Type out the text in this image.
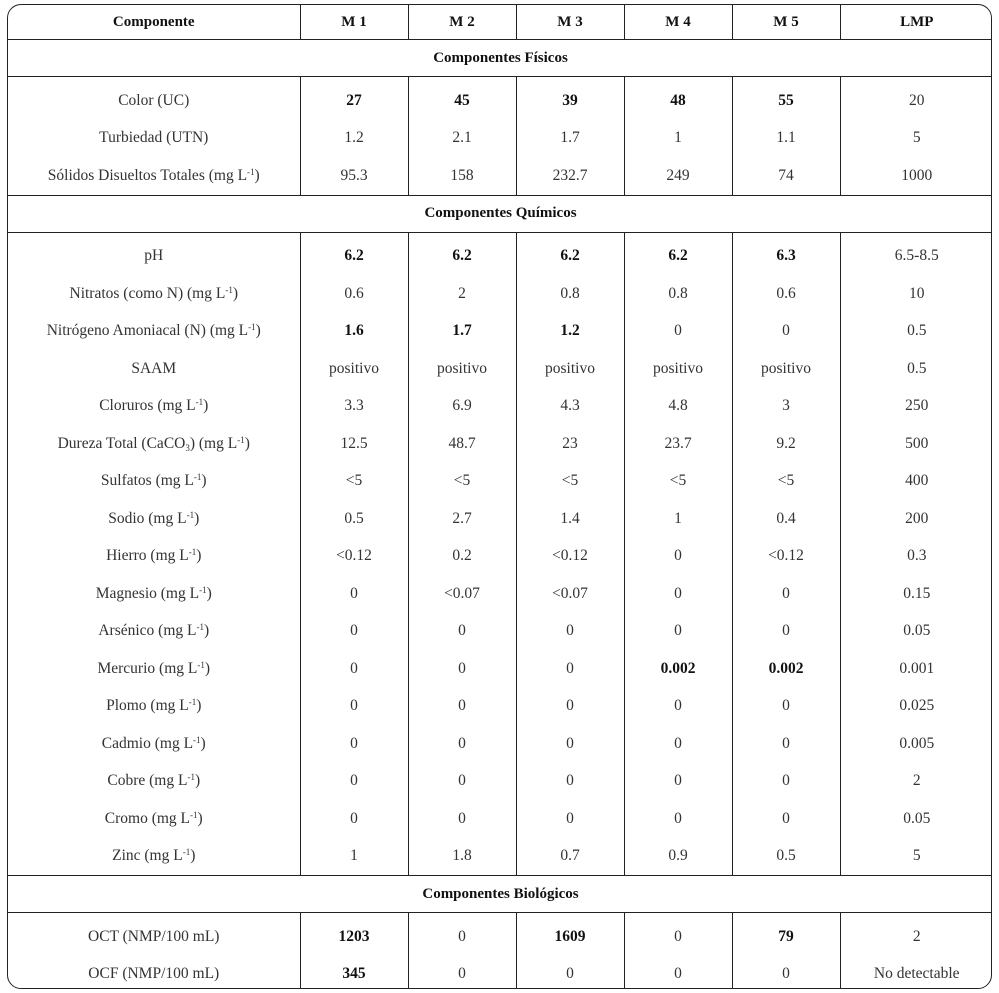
Componente	M 1	M 2	M 3	M 4	M 5	LMP
Componentes Físicos						

Color (UC)	27	45	39	48	55	20
Turbiedad (UTN)	1.2	2.1	1.7	1	1.1	5
Sólidos Disueltos Totales (mg $L^{-1}$)	95.3	158	232.7	249	74	1000
Componentes Químicos						

pH	6.2	6.2	6.2	6.2	6.3	6.5-8.5
Nitratos (como N) (mg $L^{-1}$)	0.6	2	0.8	0.8	0.6	10
Nitrógeno Amoniacal (N) (mg $L^{-1}$)	1.6	1.7	1.2	0	0	0.5
SAAM	positivo	positivo	positivo	positivo	positivo	0.5
Cloruros (mg $L^{-1}$)	3.3	6.9	4.3	4.8	3	250
Dureza Total (CaCO$_3$) (mg $L^{-1}$)	12.5	48.7	23	23.7	9.2	500
Sulfatos (mg $L^{-1}$)	<5	<5	<5	<5	<5	400
Sodio (mg $L^{-1}$)	0.5	2.7	1.4	1	0.4	200
Hierro (mg $L^{-1}$)	<0.12	0.2	<0.12	0	<0.12	0.3
Magnesio (mg $L^{-1}$)	0	<0.07	<0.07	0	0	0.15
Arsénico (mg $L^{-1}$)	0	0	0	0	0	0.05
Mercurio (mg $L^{-1}$)	0	0	0	0.002	0.002	0.001
Plomo (mg $L^{-1}$)	0	0	0	0	0	0.025
Cadmio (mg $L^{-1}$)	0	0	0	0	0	0.005
Cobre (mg $L^{-1}$)	0	0	0	0	0	2
Cromo (mg $L^{-1}$)	0	0	0	0	0	0.05
Zinc (mg $L^{-1}$)	1	1.8	0.7	0.9	0.5	5
Componentes Biológicos						

OCT (NMP/100 mL)	1203	0	1609	0	79	2
OCF (NMP/100 mL)	345	0	0	0	0	No detectable
